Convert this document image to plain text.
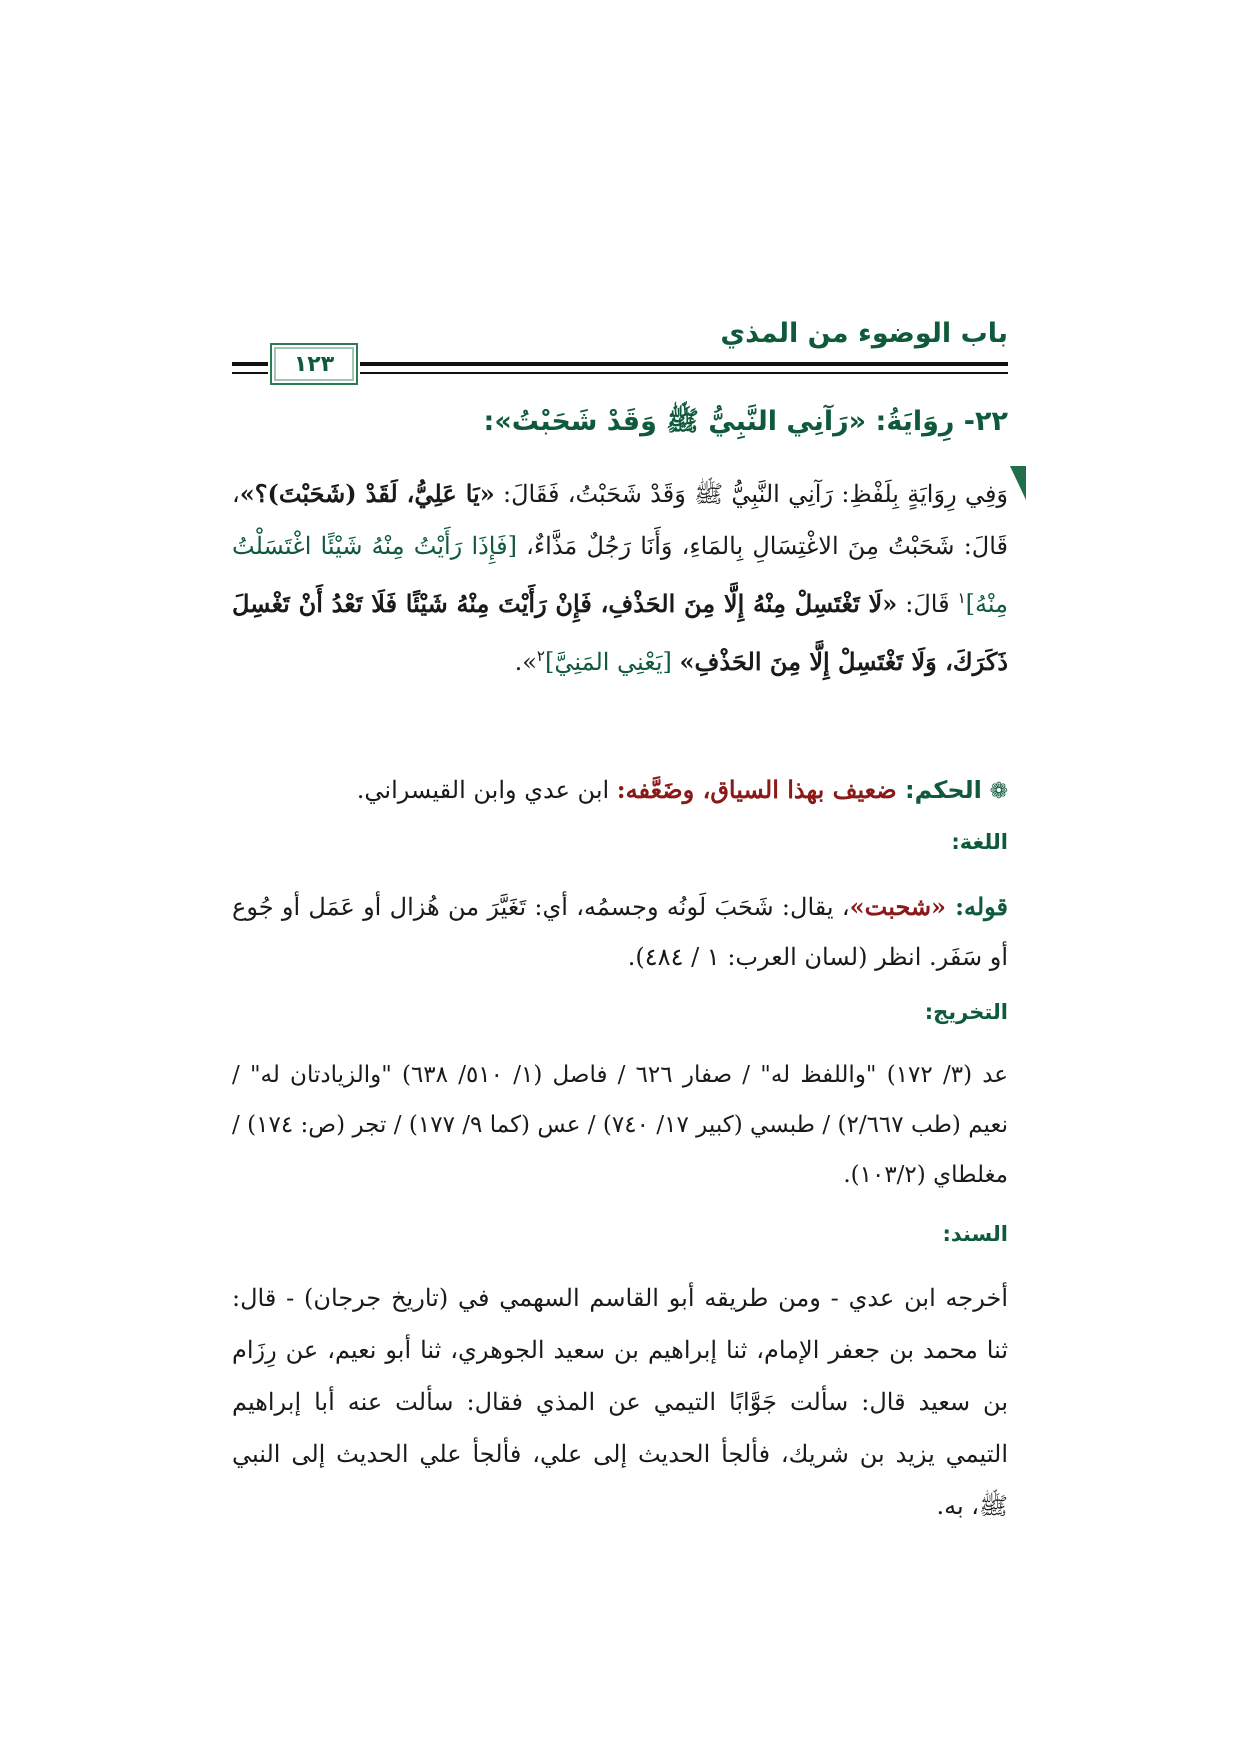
باب الوضوء من المذي
١٢٣
٢٢- رِوَايَةُ: «رَآنِي النَّبِيُّ ﷺ وَقَدْ شَحَبْتُ»:
وَفِي رِوَايَةٍ بِلَفْظِ: رَآنِي النَّبِيُّ ﷺ وَقَدْ شَحَبْتُ، فَقَالَ: «يَا عَلِيُّ، لَقَدْ (شَحَبْتَ)؟»، قَالَ: شَحَبْتُ مِنَ الاغْتِسَالِ بِالمَاءِ، وَأَنَا رَجُلٌ مَذَّاءٌ، [فَإِذَا رَأَيْتُ مِنْهُ شَيْئًا اغْتَسَلْتُ مِنْهُ]$^١$ قَالَ: «لَا تَغْتَسِلْ مِنْهُ إِلَّا مِنَ الحَذْفِ، فَإِنْ رَأَيْتَ مِنْهُ شَيْئًا فَلَا تَعْدُ أَنْ تَغْسِلَ ذَكَرَكَ، وَلَا تَغْتَسِلْ إِلَّا مِنَ الحَذْفِ» [يَعْنِي المَنِيَّ]$^٢$».
❁ الحكم: ضعيف بهذا السياق، وضَعَّفه: ابن عدي وابن القيسراني.
اللغة:
قوله: «شحبت»، يقال: شَحَبَ لَونُه وجسمُه، أي: تَغَيَّرَ من هُزال أو عَمَل أو جُوع أو سَفَر. انظر (لسان العرب: ١ / ٤٨٤).
التخريج:
󠁛عد (٣/ ١٧٢) "واللفظ له" / صفار ٦٢٦ / فاصل (١/ ٥١٠/ ٦٣٨) "والزيادتان له" / نعيم (طب ٢/٦٦٧) / طبسي (كبير ١٧/ ٧٤٠) / عس (كما ٩/ ١٧٧) / تجر (ص: ١٧٤) / مغلطاي (١٠٣/٢)󠁝.
السند:
أخرجه ابن عدي - ومن طريقه أبو القاسم السهمي في (تاريخ جرجان) - قال: ثنا محمد بن جعفر الإمام، ثنا إبراهيم بن سعيد الجوهري، ثنا أبو نعيم، عن رِزَام بن سعيد قال: سألت جَوَّابًا التيمي عن المذي فقال: سألت عنه أبا إبراهيم التيمي يزيد بن شريك، فألجأ الحديث إلى علي، فألجأ علي الحديث إلى النبي ﷺ، به.
